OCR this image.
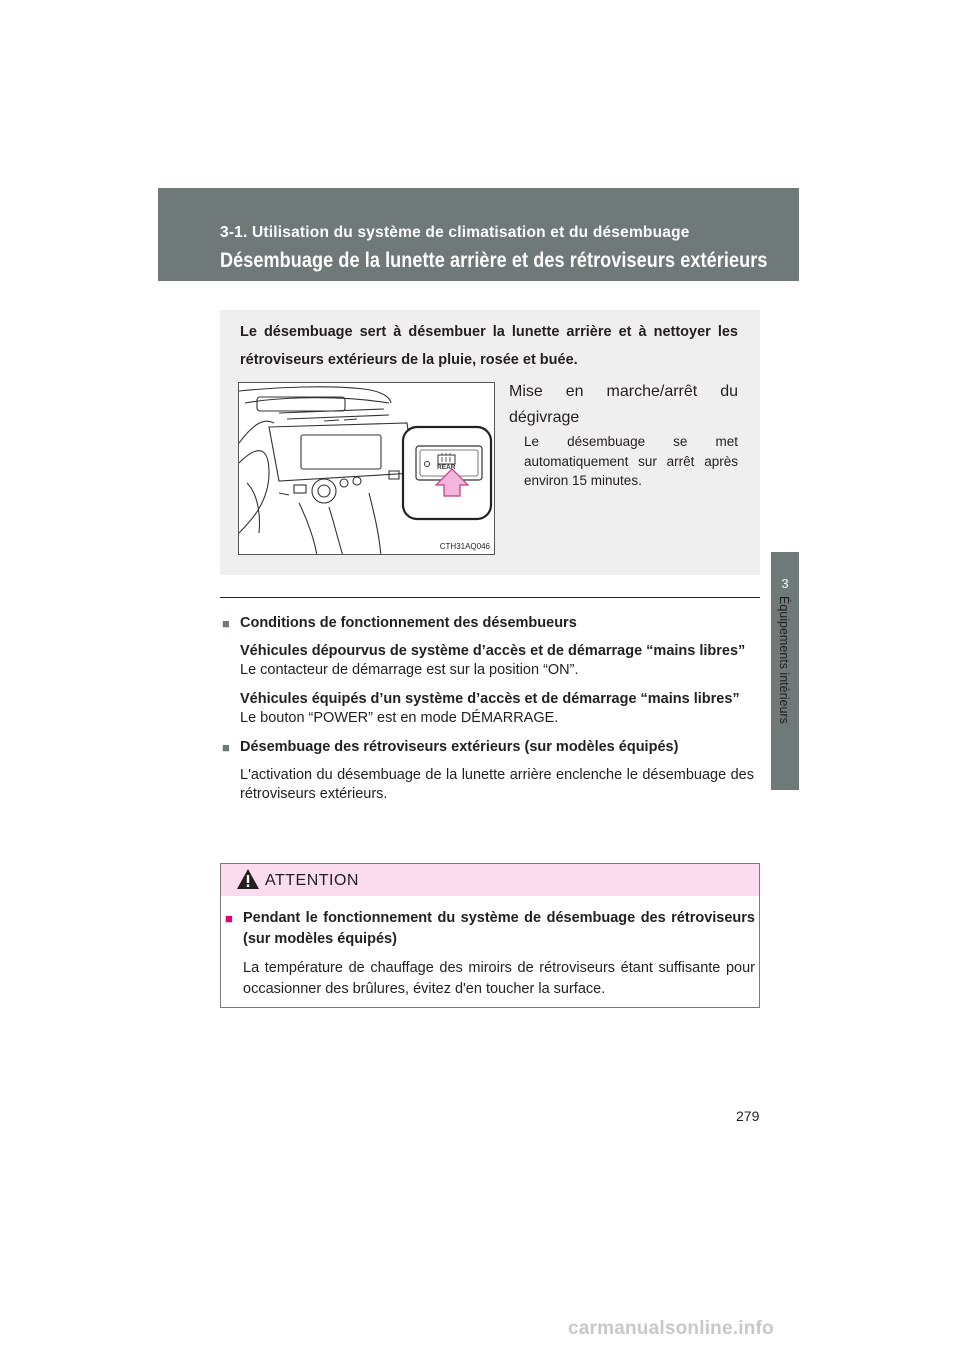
3-1. Utilisation du système de climatisation et du désembuage
Désembuage de la lunette arrière et des rétroviseurs extérieurs
3
Équipements intérieurs
Le désembuage sert à désembuer la lunette arrière et à nettoyer les rétroviseurs extérieurs de la pluie, rosée et buée.
CTH31AQ046
REAR
Mise en marche/arrêt du dégivrage
Le désembuage se met automatiquement sur arrêt après environ 15 minutes.
■ Conditions de fonctionnement des désembueurs

Véhicules dépourvus de système d’accès et de démarrage “mains libres”

Le contacteur de démarrage est sur la position “ON”.

Véhicules équipés d’un système d’accès et de démarrage “mains libres”

Le bouton “POWER” est en mode DÉMARRAGE.

■ Désembuage des rétroviseurs extérieurs (sur modèles équipés)

L'activation du désembuage de la lunette arrière enclenche le désembuage des rétroviseurs extérieurs.

ATTENTION
■ Pendant le fonctionnement du système de désembuage des rétroviseurs (sur modèles équipés)

La température de chauffage des miroirs de rétroviseurs étant suffisante pour occasionner des brûlures, évitez d'en toucher la surface.

279
carmanualsonline.info
